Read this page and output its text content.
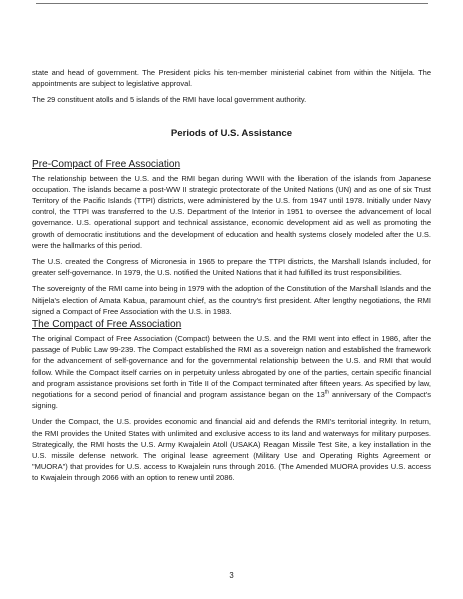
state and head of government. The President picks his ten-member ministerial cabinet from within the Nitijela. The appointments are subject to legislative approval.

The 29 constituent atolls and 5 islands of the RMI have local government authority.

Periods of U.S. Assistance
Pre-Compact of Free Association

The relationship between the U.S. and the RMI began during WWII with the liberation of the islands from Japanese occupation. The islands became a post-WW II strategic protectorate of the United Nations (UN) and as one of six Trust Territory of the Pacific Islands (TTPI) districts, were administered by the U.S. from 1947 until 1978. Initially under Navy control, the TTPI was transferred to the U.S. Department of the Interior in 1951 to oversee the advancement of local governance. U.S. operational support and technical assistance, economic development aid as well as promoting the growth of democratic institutions and the development of education and health systems closely modeled after the U.S. were the hallmarks of this period.

The U.S. created the Congress of Micronesia in 1965 to prepare the TTPI districts, the Marshall Islands included, for greater self-governance. In 1979, the U.S. notified the United Nations that it had fulfilled its trust responsibilities.

The sovereignty of the RMI came into being in 1979 with the adoption of the Constitution of the Marshall Islands and the Nitijela's election of Amata Kabua, paramount chief, as the country's first president. After lengthy negotiations, the RMI signed a Compact of Free Association with the U.S. in 1983.

The Compact of Free Association

The original Compact of Free Association (Compact) between the U.S. and the RMI went into effect in 1986, after the passage of Public Law 99-239. The Compact established the RMI as a sovereign nation and established the framework for the advancement of self-governance and for the governmental relationship between the U.S. and RMI that would follow. While the Compact itself carries on in perpetuity unless abrogated by one of the parties, certain specific financial and program assistance provisions set forth in Title II of the Compact terminated after fifteen years. As specified by law, negotiations for a second period of financial and program assistance began on the 13th anniversary of the Compact's signing.

Under the Compact, the U.S. provides economic and financial aid and defends the RMI's territorial integrity. In return, the RMI provides the United States with unlimited and exclusive access to its land and waterways for military purposes. Strategically, the RMI hosts the U.S. Army Kwajalein Atoll (USAKA) Reagan Missile Test Site, a key installation in the U.S. missile defense network. The original lease agreement (Military Use and Operating Rights Agreement or "MUORA") that provides for U.S. access to Kwajalein runs through 2016. (The Amended MUORA provides U.S. access to Kwajalein through 2066 with an option to renew until 2086.

3
